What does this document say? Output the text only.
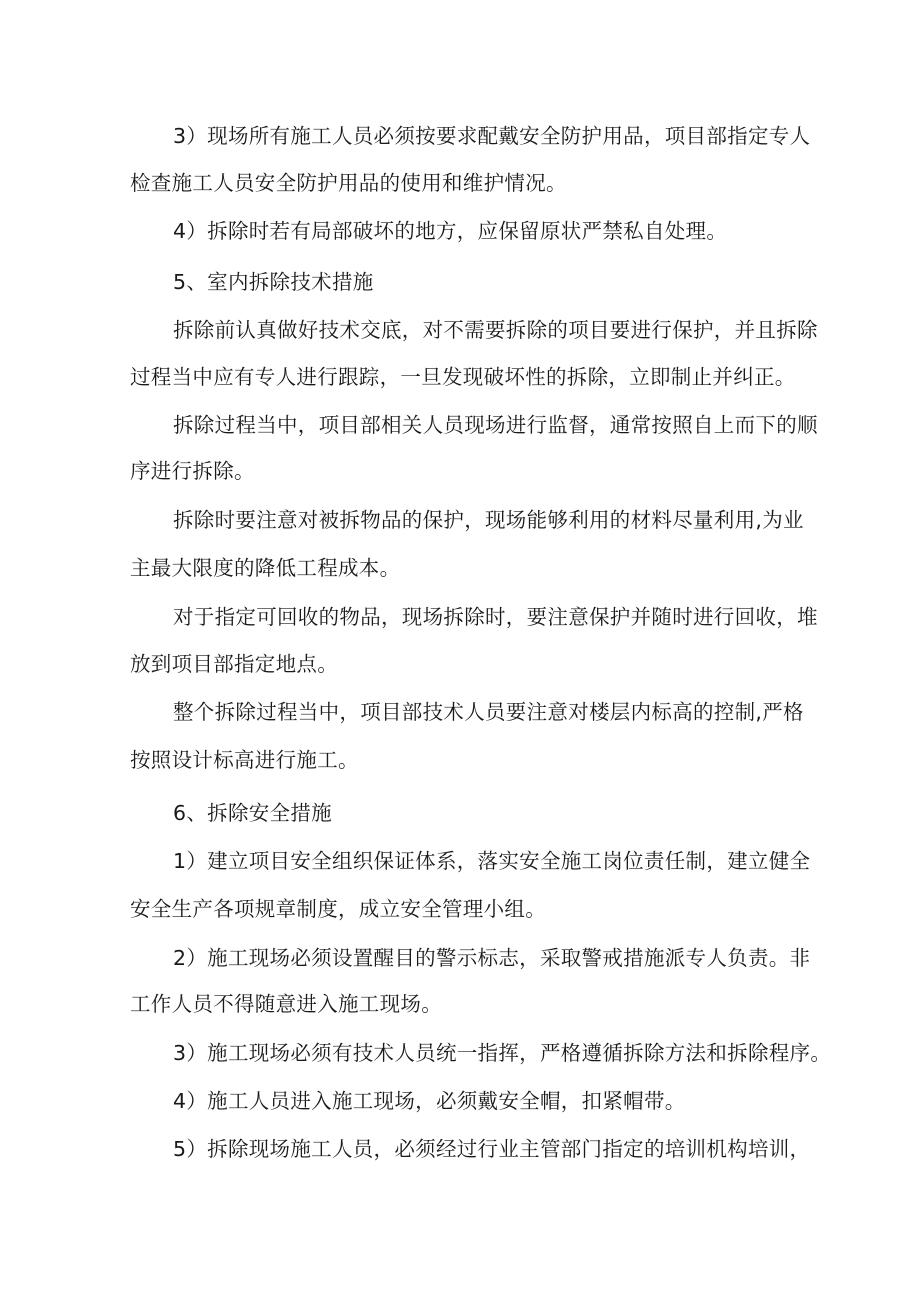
3）现场所有施工人员必须按要求配戴安全防护用品，项目部指定专人
检查施工人员安全防护用品的使用和维护情况。
4）拆除时若有局部破坏的地方，应保留原状严禁私自处理。
5、室内拆除技术措施
拆除前认真做好技术交底，对不需要拆除的项目要进行保护，并且拆除
过程当中应有专人进行跟踪，一旦发现破坏性的拆除，立即制止并纠正。
拆除过程当中，项目部相关人员现场进行监督，通常按照自上而下的顺
序进行拆除。
拆除时要注意对被拆物品的保护，现场能够利用的材料尽量利用,为业
主最大限度的降低工程成本。
对于指定可回收的物品，现场拆除时，要注意保护并随时进行回收，堆
放到项目部指定地点。
整个拆除过程当中，项目部技术人员要注意对楼层内标高的控制,严格
按照设计标高进行施工。
6、拆除安全措施
1）建立项目安全组织保证体系，落实安全施工岗位责任制，建立健全
安全生产各项规章制度，成立安全管理小组。
2）施工现场必须设置醒目的警示标志，采取警戒措施派专人负责。非
工作人员不得随意进入施工现场。
3）施工现场必须有技术人员统一指挥，严格遵循拆除方法和拆除程序。
4）施工人员进入施工现场，必须戴安全帽，扣紧帽带。
5）拆除现场施工人员，必须经过行业主管部门指定的培训机构培训，
